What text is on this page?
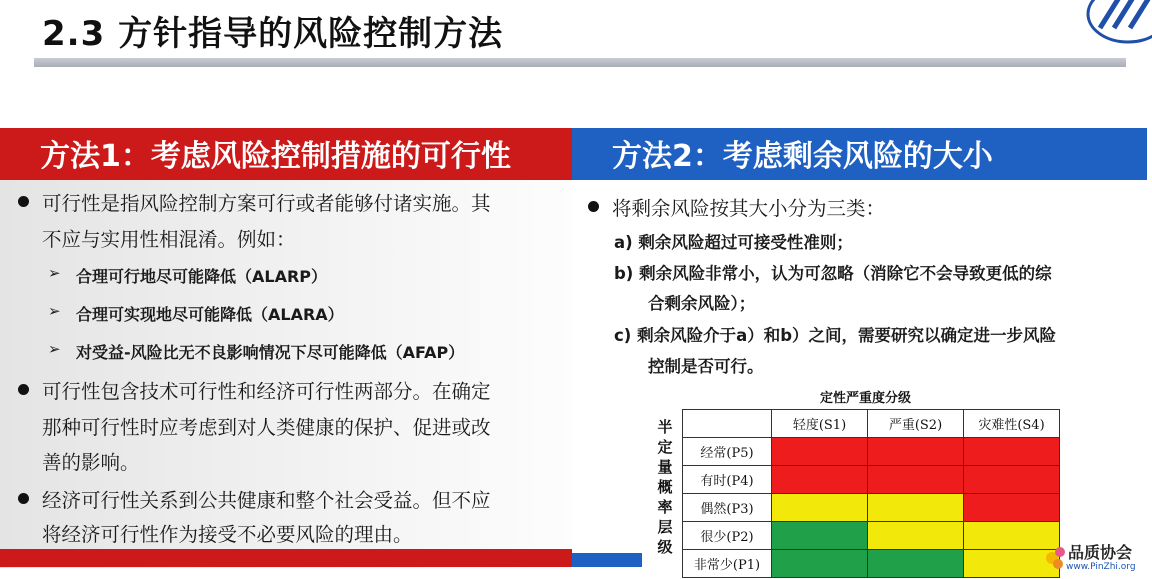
2.3 方针指导的风险控制方法
方法1：考虑风险控制措施的可行性	方法2：考虑剩余风险的大小
可行性是指风险控制方案可行或者能够付诸实施。其
不应与实用性相混淆。例如：
➢ 合理可行地尽可能降低（ALARP）
➢ 合理可实现地尽可能降低（ALARA）
➢ 对受益-风险比无不良影响情况下尽可能降低（AFAP）
可行性包含技术可行性和经济可行性两部分。在确定
那种可行性时应考虑到对人类健康的保护、促进或改
善的影响。
经济可行性关系到公共健康和整个社会受益。但不应
将经济可行性作为接受不必要风险的理由。
将剩余风险按其大小分为三类：
a) 剩余风险超过可接受性准则；
b) 剩余风险非常小，认为可忽略（消除它不会导致更低的综
合剩余风险）；
c) 剩余风险介于a）和b）之间，需要研究以确定进一步风险
控制是否可行。
定性严重度分级
半
定
量
概
率
层
级
	轻度(S1)	严重(S2)	灾难性(S4)
经常(P5)			
有时(P4)			
偶然(P3)			
很少(P2)			
非常少(P1)			
品质协会
www.PinZhi.org
